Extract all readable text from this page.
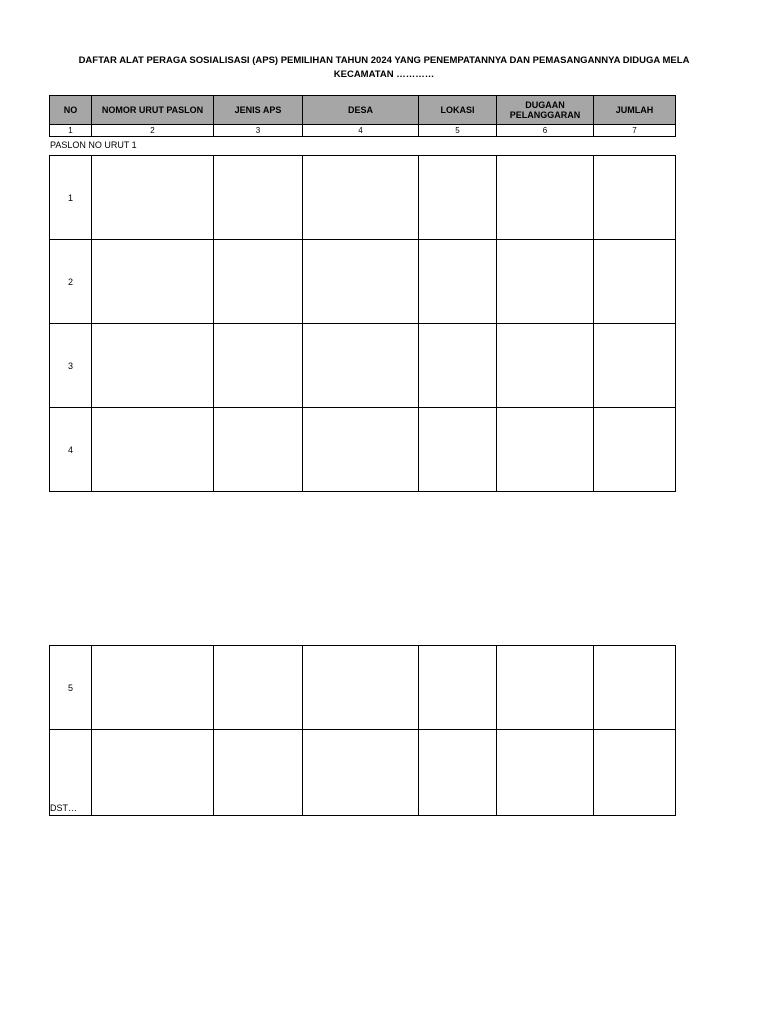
DAFTAR ALAT PERAGA SOSIALISASI (APS) PEMILIHAN TAHUN 2024 YANG PENEMPATANNYA DAN PEMASANGANNYA DIDUGA MELA
KECAMATAN …………
NO	NOMOR URUT PASLON	JENIS APS	DESA	LOKASI	DUGAAN PELANGGARAN	JUMLAH
1	2	3	4	5	6	7
PASLON NO URUT 1
1						
2						
3						
4						
5						
DST…						
